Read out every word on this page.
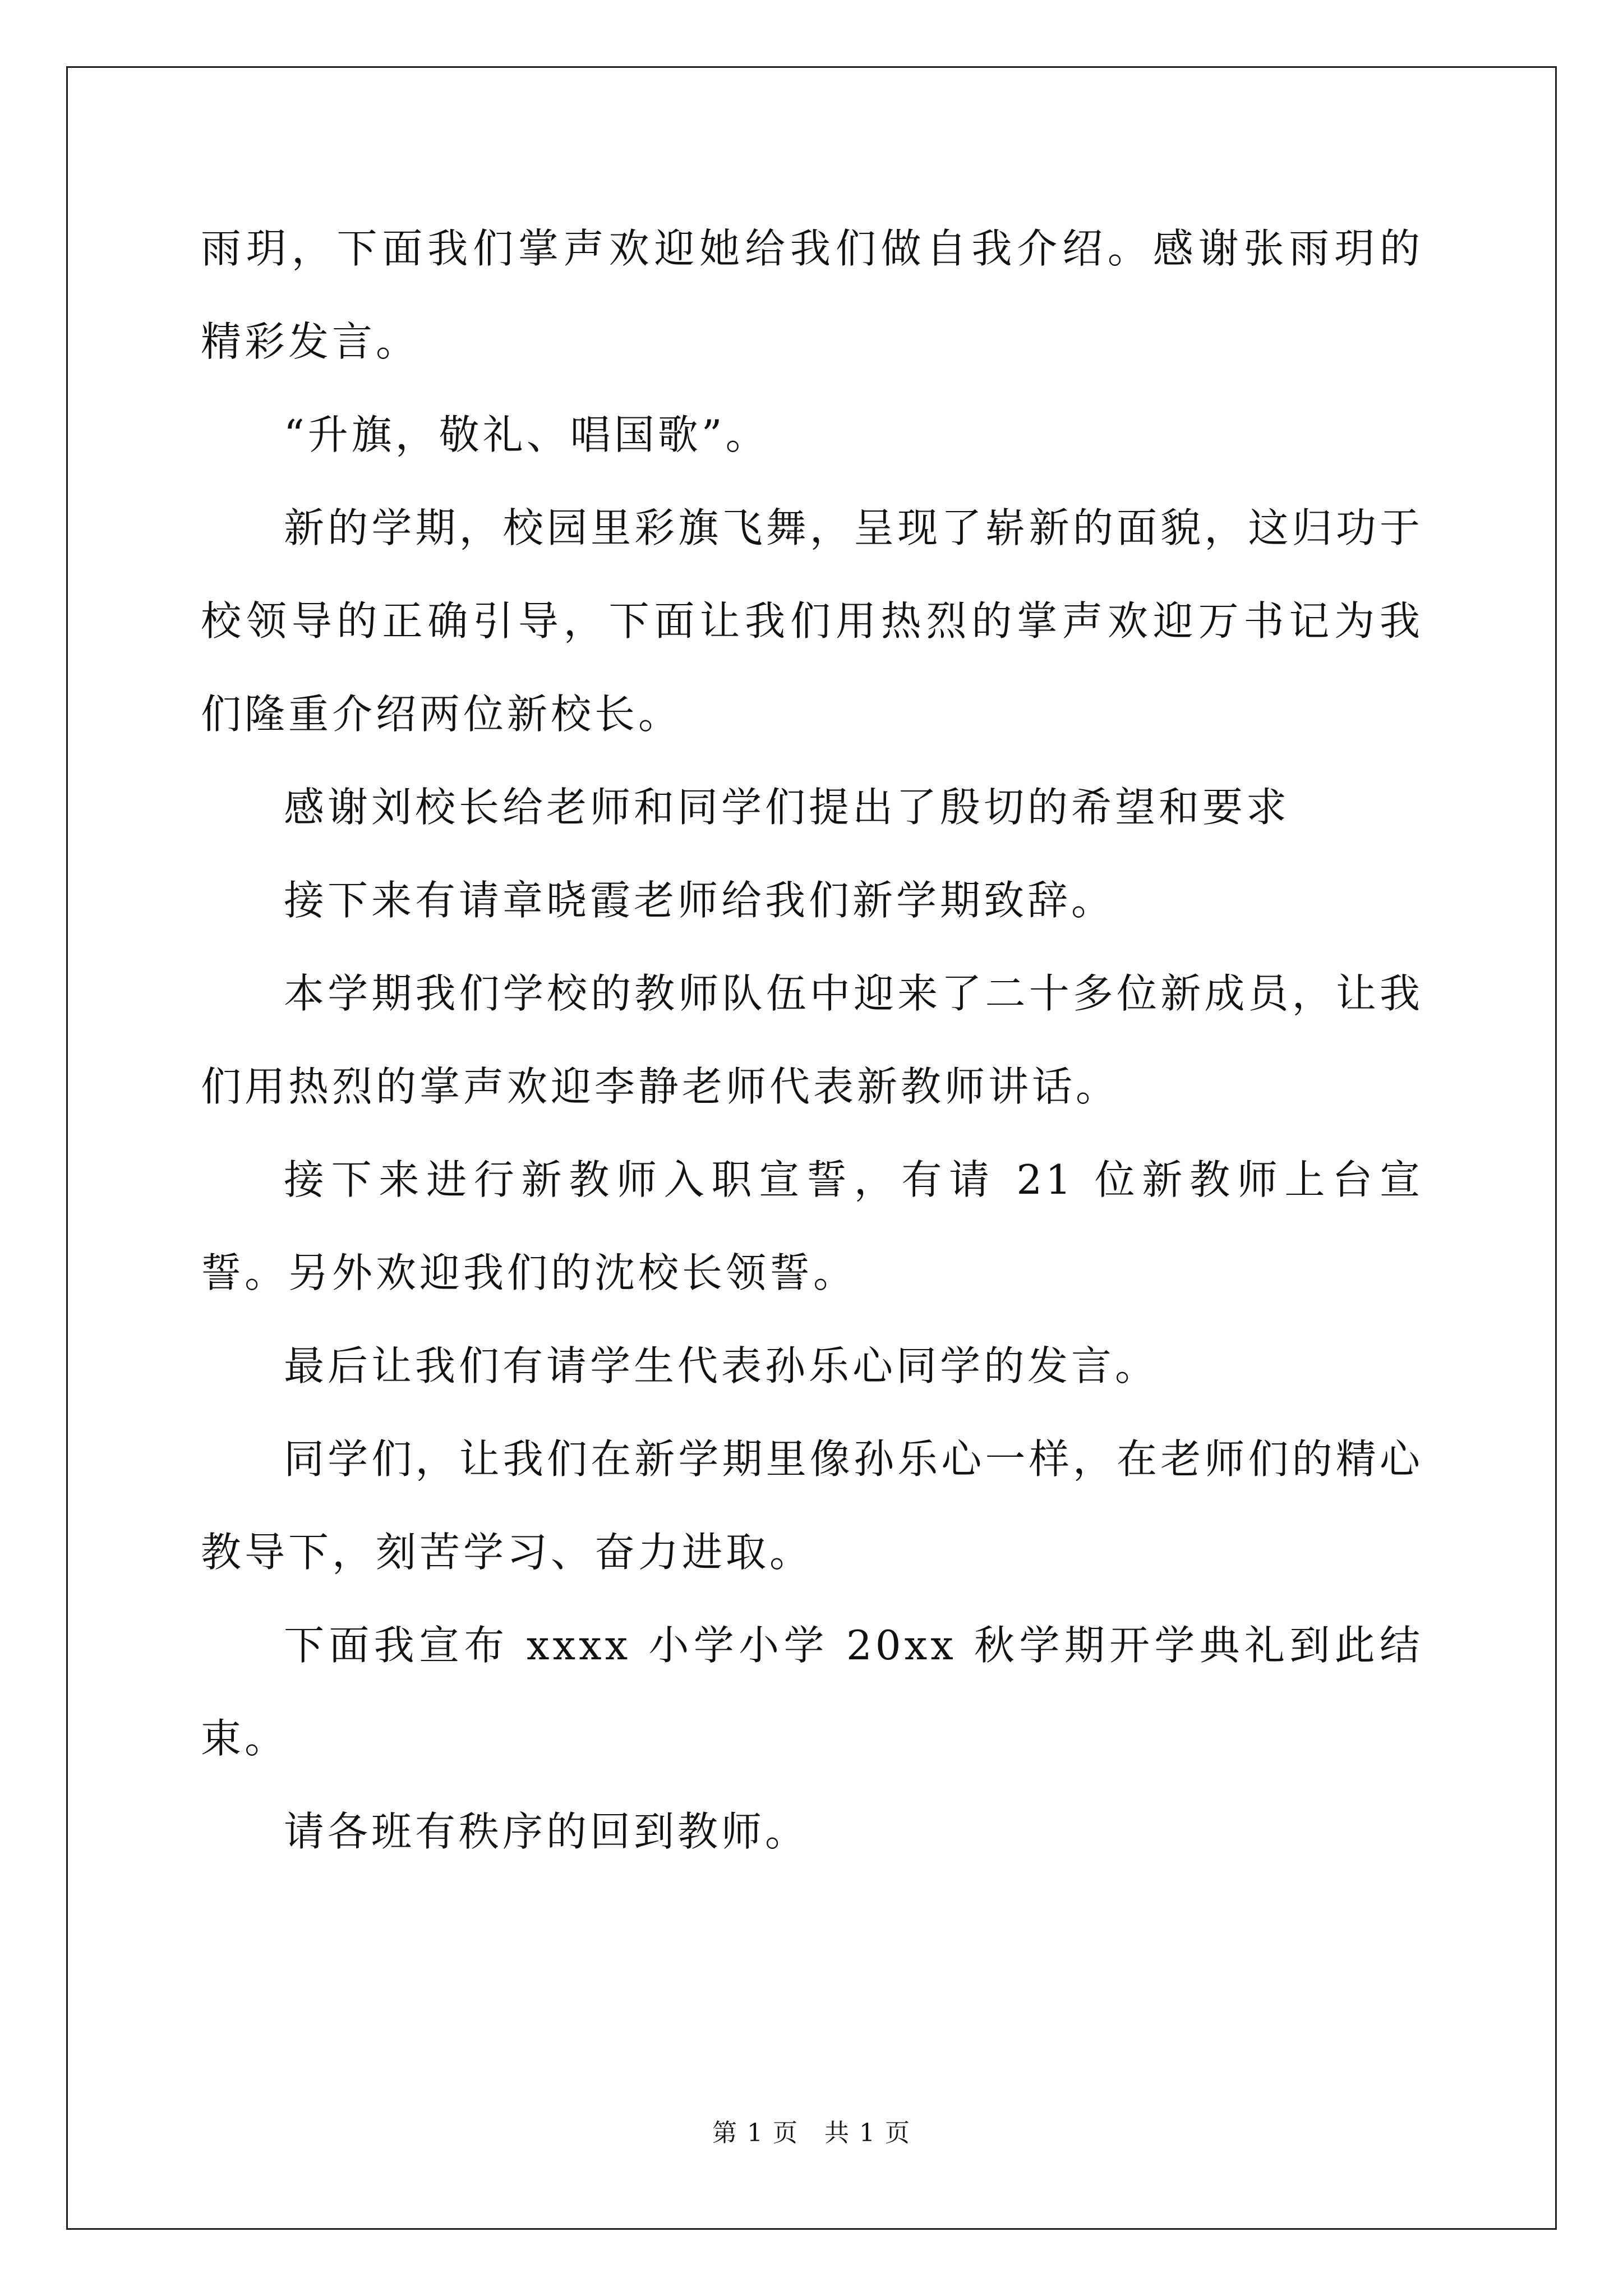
雨玥，下面我们掌声欢迎她给我们做自我介绍。感谢张雨玥的精彩发言。

“升旗，敬礼、唱国歌”。

新的学期，校园里彩旗飞舞，呈现了崭新的面貌，这归功于校领导的正确引导，下面让我们用热烈的掌声欢迎万书记为我们隆重介绍两位新校长。

感谢刘校长给老师和同学们提出了殷切的希望和要求

接下来有请章晓霞老师给我们新学期致辞。

本学期我们学校的教师队伍中迎来了二十多位新成员，让我们用热烈的掌声欢迎李静老师代表新教师讲话。

接下来进行新教师入职宣誓，有请 21 位新教师上台宣誓。另外欢迎我们的沈校长领誓。

最后让我们有请学生代表孙乐心同学的发言。

同学们，让我们在新学期里像孙乐心一样，在老师们的精心教导下，刻苦学习、奋力进取。

下面我宣布 xxxx 小学小学 20xx 秋学期开学典礼到此结束。

请各班有秩序的回到教师。

第 1 页　共 1 页
